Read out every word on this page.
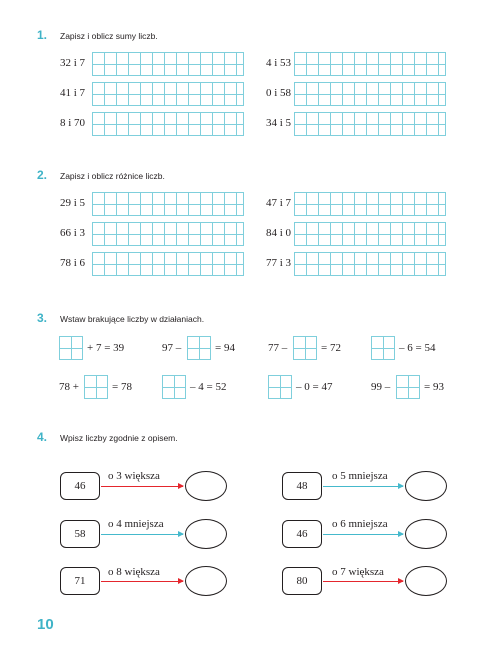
1. Zapisz i oblicz sumy liczb.
32 i 7	4 i 53
41 i 7	0 i 58
8 i 70	34 i 5
2. Zapisz i oblicz różnice liczb.
29 i 5	47 i 7
66 i 3	84 i 0
78 i 6	77 i 3
3. Wstaw brakujące liczby w działaniach.
+ 7 = 39	97 –	= 94	77 –	= 72	– 6 = 54
78 +	= 78	– 4 = 52	– 0 = 47	99 –	= 93
4. Wpisz liczby zgodnie z opisem.
46
o 3 większa
58
o 4 mniejsza
71
o 8 większa
48
o 5 mniejsza
46
o 6 mniejsza
80
o 7 większa
10
